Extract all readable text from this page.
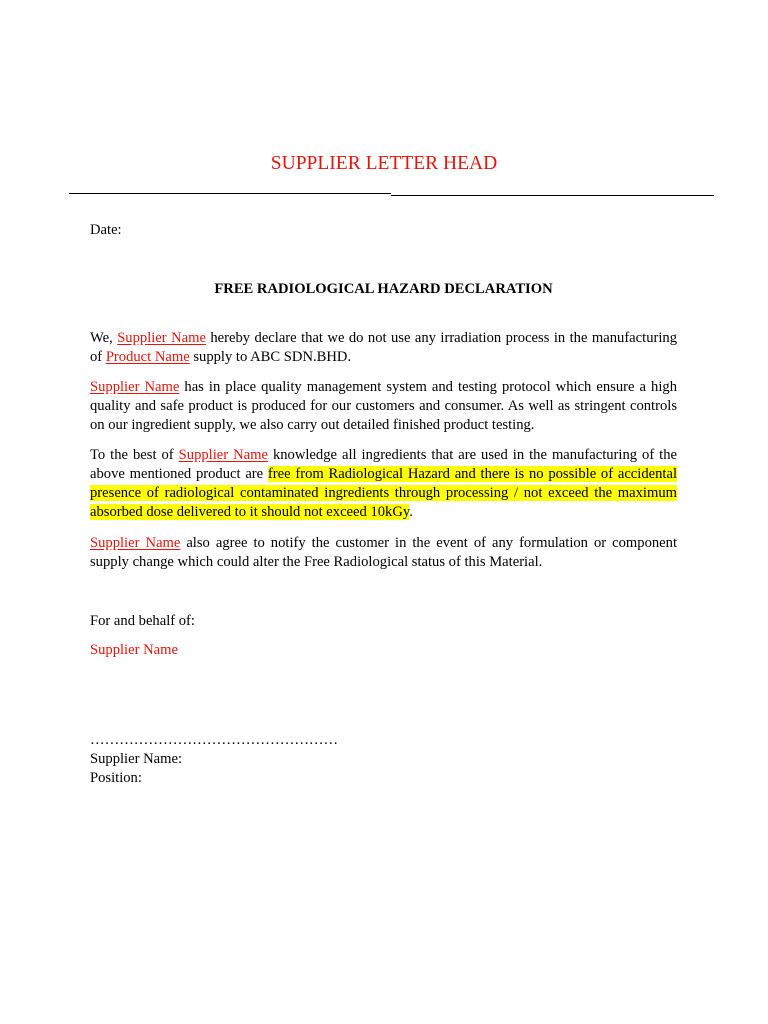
SUPPLIER LETTER HEAD
Date:
FREE RADIOLOGICAL HAZARD DECLARATION
We, Supplier Name hereby declare that we do not use any irradiation process in the manufacturing of Product Name supply to ABC SDN.BHD.
Supplier Name has in place quality management system and testing protocol which ensure a high quality and safe product is produced for our customers and consumer. As well as stringent controls on our ingredient supply, we also carry out detailed finished product testing.
To the best of Supplier Name knowledge all ingredients that are used in the manufacturing of the above mentioned product are free from Radiological Hazard and there is no possible of accidental presence of radiological contaminated ingredients through processing / not exceed the maximum absorbed dose delivered to it should not exceed 10kGy.
Supplier Name also agree to notify the customer in the event of any formulation or component supply change which could alter the Free Radiological status of this Material.
For and behalf of:
Supplier Name
……………………………………………
Supplier Name:
Position:
